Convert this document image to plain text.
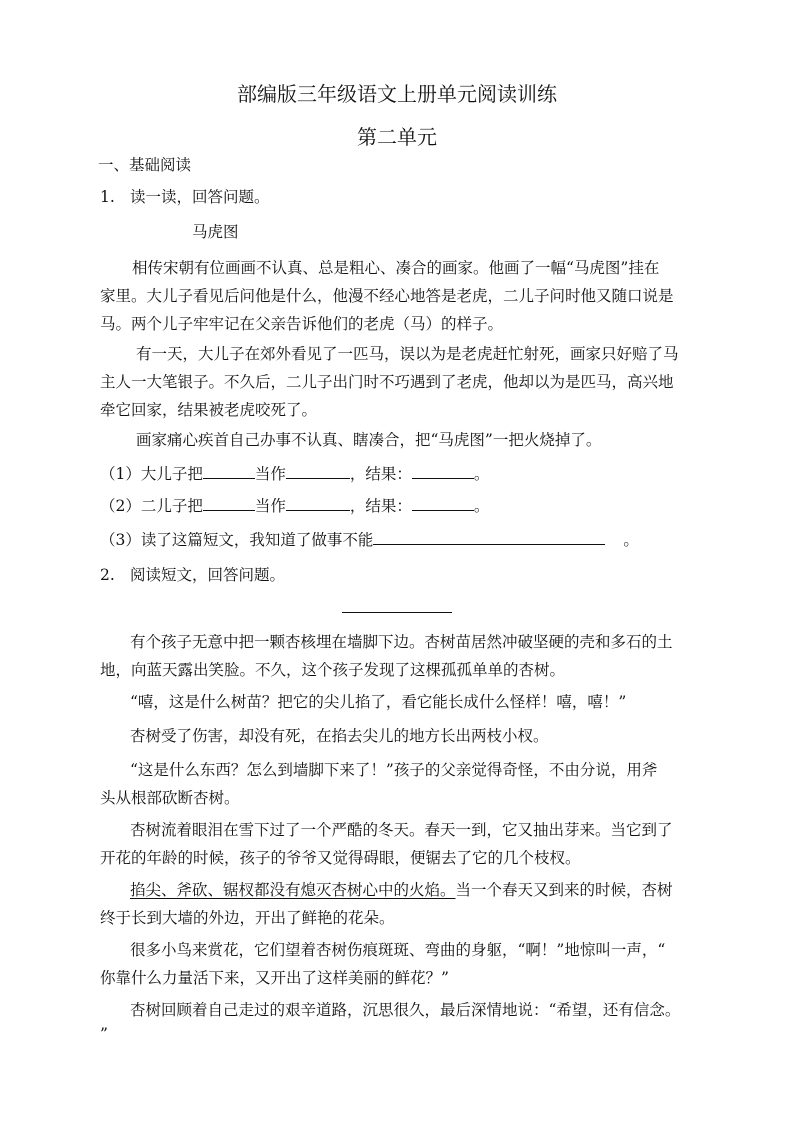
部编版三年级语文上册单元阅读训练
第二单元
一、基础阅读
1. 读一读，回答问题。
马虎图
相传宋朝有位画画不认真、总是粗心、凑合的画家。他画了一幅“马虎图”挂在
家里。大儿子看见后问他是什么，他漫不经心地答是老虎，二儿子问时他又随口说是
马。两个儿子牢牢记在父亲告诉他们的老虎（马）的样子。
有一天，大儿子在郊外看见了一匹马，误以为是老虎赶忙射死，画家只好赔了马
主人一大笔银子。不久后，二儿子出门时不巧遇到了老虎，他却以为是匹马，高兴地
牵它回家，结果被老虎咬死了。
画家痛心疾首自己办事不认真、瞎凑合，把“马虎图”一把火烧掉了。
（1）大儿子把	当作	，结果：	。
（2）二儿子把	当作	，结果：	。
（3）读了这篇短文，我知道了做事不能	。
2. 阅读短文，回答问题。
有个孩子无意中把一颗杏核埋在墙脚下边。杏树苗居然冲破坚硬的壳和多石的土
地，向蓝天露出笑脸。不久，这个孩子发现了这棵孤孤单单的杏树。
“嘻，这是什么树苗？把它的尖儿掐了，看它能长成什么怪样！嘻，嘻！”
杏树受了伤害，却没有死，在掐去尖儿的地方长出两枝小杈。
“这是什么东西？怎么到墙脚下来了！”孩子的父亲觉得奇怪，不由分说，用斧
头从根部砍断杏树。
杏树流着眼泪在雪下过了一个严酷的冬天。春天一到，它又抽出芽来。当它到了
开花的年龄的时候，孩子的爷爷又觉得碍眼，便锯去了它的几个枝杈。
掐尖、斧砍、锯杈都没有熄灭杏树心中的火焰。当一个春天又到来的时候，杏树
终于长到大墙的外边，开出了鲜艳的花朵。
很多小鸟来赏花，它们望着杏树伤痕斑斑、弯曲的身躯，“啊！”地惊叫一声，“
你靠什么力量活下来，又开出了这样美丽的鲜花？”
杏树回顾着自己走过的艰辛道路，沉思很久，最后深情地说：“希望，还有信念。
”
